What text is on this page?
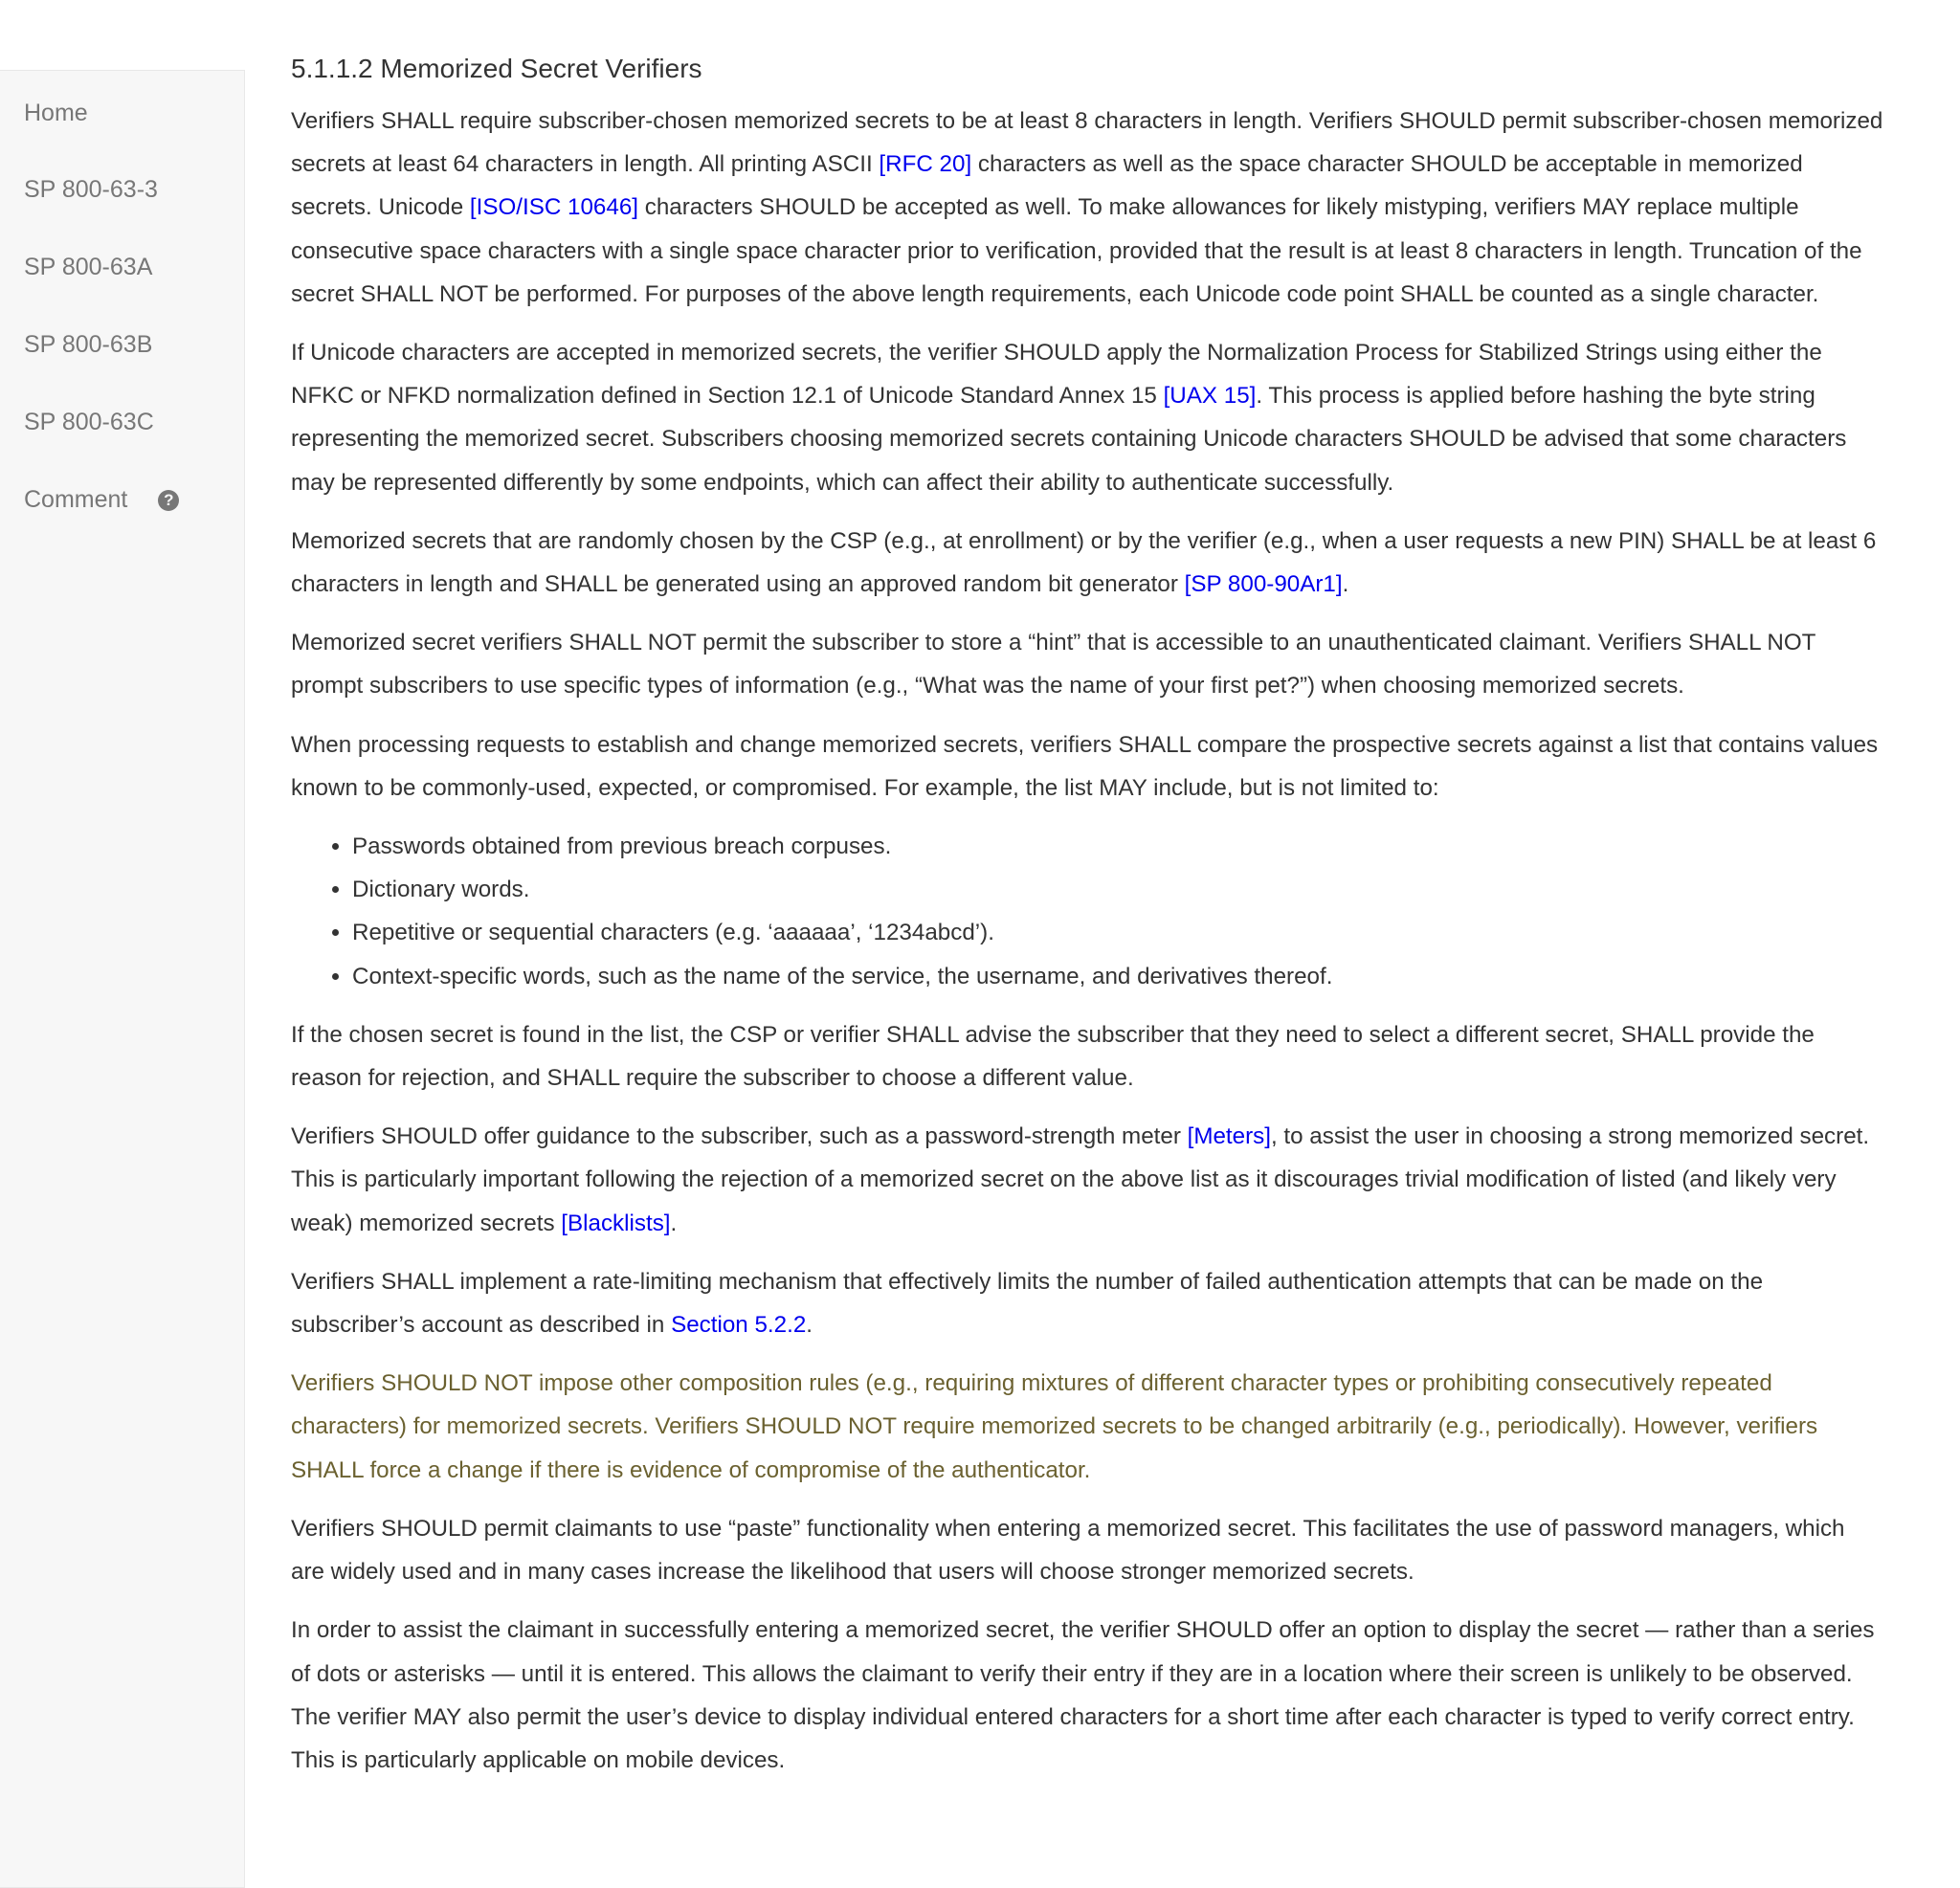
Home
SP 800-63-3
SP 800-63A
SP 800-63B
SP 800-63C
Comment	?
5.1.1.2 Memorized Secret Verifiers

Verifiers SHALL require subscriber-chosen memorized secrets to be at least 8 characters in length. Verifiers SHOULD permit subscriber-chosen memorized secrets at least 64 characters in length. All printing ASCII [RFC 20] characters as well as the space character SHOULD be acceptable in memorized secrets. Unicode [ISO/ISC 10646] characters SHOULD be accepted as well. To make allowances for likely mistyping, verifiers MAY replace multiple consecutive space characters with a single space character prior to verification, provided that the result is at least 8 characters in length. Truncation of the secret SHALL NOT be performed. For purposes of the above length requirements, each Unicode code point SHALL be counted as a single character.

If Unicode characters are accepted in memorized secrets, the verifier SHOULD apply the Normalization Process for Stabilized Strings using either the NFKC or NFKD normalization defined in Section 12.1 of Unicode Standard Annex 15 [UAX 15]. This process is applied before hashing the byte string representing the memorized secret. Subscribers choosing memorized secrets containing Unicode characters SHOULD be advised that some characters may be represented differently by some endpoints, which can affect their ability to authenticate successfully.

Memorized secrets that are randomly chosen by the CSP (e.g., at enrollment) or by the verifier (e.g., when a user requests a new PIN) SHALL be at least 6 characters in length and SHALL be generated using an approved random bit generator [SP 800-90Ar1].

Memorized secret verifiers SHALL NOT permit the subscriber to store a “hint” that is accessible to an unauthenticated claimant. Verifiers SHALL NOT prompt subscribers to use specific types of information (e.g., “What was the name of your first pet?”) when choosing memorized secrets.

When processing requests to establish and change memorized secrets, verifiers SHALL compare the prospective secrets against a list that contains values known to be commonly-used, expected, or compromised. For example, the list MAY include, but is not limited to:

• Passwords obtained from previous breach corpuses.
• Dictionary words.
• Repetitive or sequential characters (e.g. ‘aaaaaa’, ‘1234abcd’).
• Context-specific words, such as the name of the service, the username, and derivatives thereof.

If the chosen secret is found in the list, the CSP or verifier SHALL advise the subscriber that they need to select a different secret, SHALL provide the reason for rejection, and SHALL require the subscriber to choose a different value.

Verifiers SHOULD offer guidance to the subscriber, such as a password-strength meter [Meters], to assist the user in choosing a strong memorized secret. This is particularly important following the rejection of a memorized secret on the above list as it discourages trivial modification of listed (and likely very weak) memorized secrets [Blacklists].

Verifiers SHALL implement a rate-limiting mechanism that effectively limits the number of failed authentication attempts that can be made on the subscriber’s account as described in Section 5.2.2.

Verifiers SHOULD NOT impose other composition rules (e.g., requiring mixtures of different character types or prohibiting consecutively repeated characters) for memorized secrets. Verifiers SHOULD NOT require memorized secrets to be changed arbitrarily (e.g., periodically). However, verifiers SHALL force a change if there is evidence of compromise of the authenticator.

Verifiers SHOULD permit claimants to use “paste” functionality when entering a memorized secret. This facilitates the use of password managers, which are widely used and in many cases increase the likelihood that users will choose stronger memorized secrets.

In order to assist the claimant in successfully entering a memorized secret, the verifier SHOULD offer an option to display the secret — rather than a series of dots or asterisks — until it is entered. This allows the claimant to verify their entry if they are in a location where their screen is unlikely to be observed. The verifier MAY also permit the user’s device to display individual entered characters for a short time after each character is typed to verify correct entry. This is particularly applicable on mobile devices.
